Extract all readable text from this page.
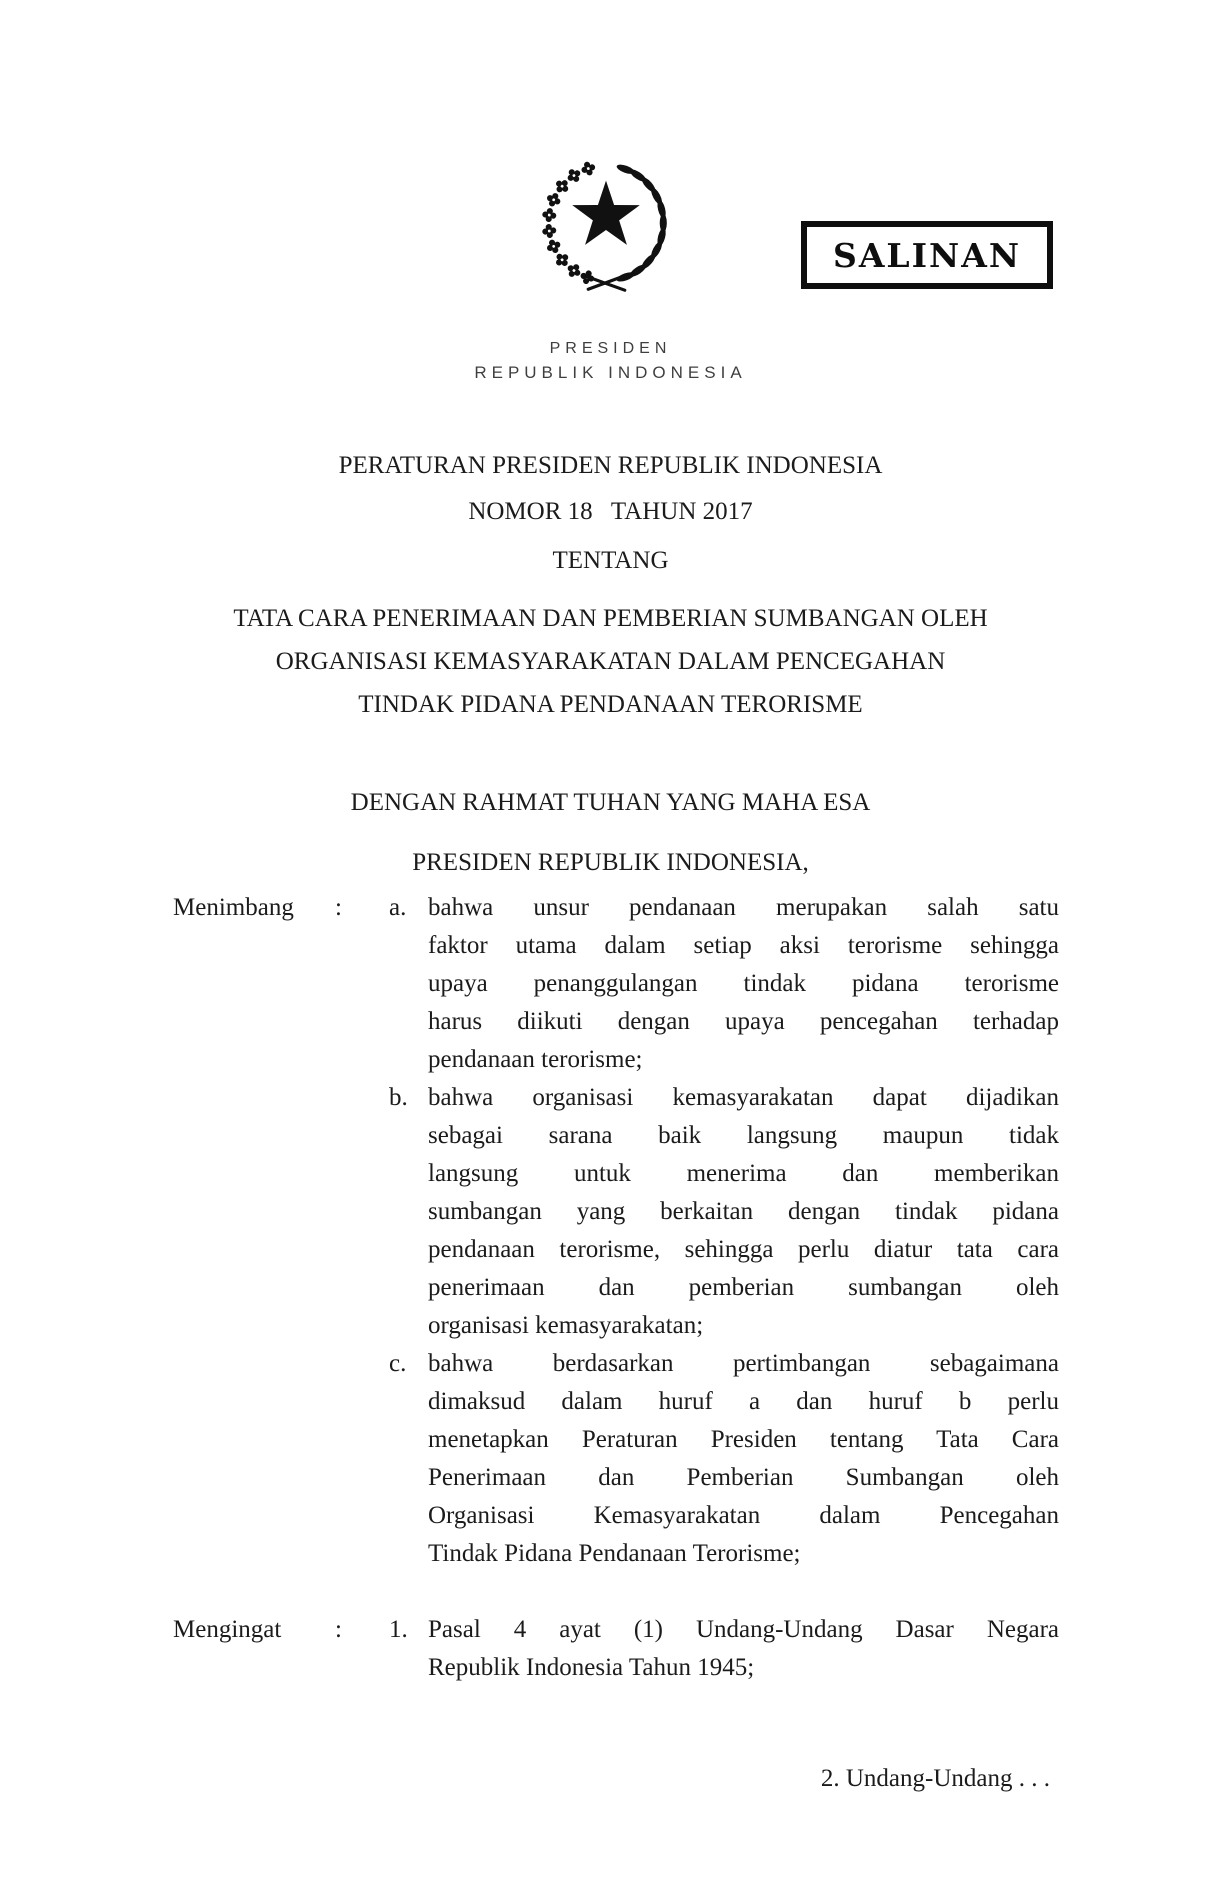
SALINAN
PRESIDEN
REPUBLIK INDONESIA
PERATURAN PRESIDEN REPUBLIK INDONESIA
NOMOR 18   TAHUN 2017
TENTANG
TATA CARA PENERIMAAN DAN PEMBERIAN SUMBANGAN OLEH
ORGANISASI KEMASYARAKATAN DALAM PENCEGAHAN
TINDAK PIDANA PENDANAAN TERORISME
DENGAN RAHMAT TUHAN YANG MAHA ESA
PRESIDEN REPUBLIK INDONESIA,
Menimbang	:	a. bahwa unsur pendanaan merupakan salah satu
faktor utama dalam setiap aksi terorisme sehingga
upaya penanggulangan tindak pidana terorisme
harus diikuti dengan upaya pencegahan terhadap
pendanaan terorisme;
b. bahwa organisasi kemasyarakatan dapat dijadikan
sebagai sarana baik langsung maupun tidak
langsung untuk menerima dan memberikan
sumbangan yang berkaitan dengan tindak pidana
pendanaan terorisme, sehingga perlu diatur tata cara
penerimaan dan pemberian sumbangan oleh
organisasi kemasyarakatan;
c. bahwa berdasarkan pertimbangan sebagaimana
dimaksud dalam huruf a dan huruf b perlu
menetapkan Peraturan Presiden tentang Tata Cara
Penerimaan dan Pemberian Sumbangan oleh
Organisasi Kemasyarakatan dalam Pencegahan
Tindak Pidana Pendanaan Terorisme;
Mengingat	:	1. Pasal 4 ayat (1) Undang-Undang Dasar Negara
Republik Indonesia Tahun 1945;
2. Undang-Undang . . .
